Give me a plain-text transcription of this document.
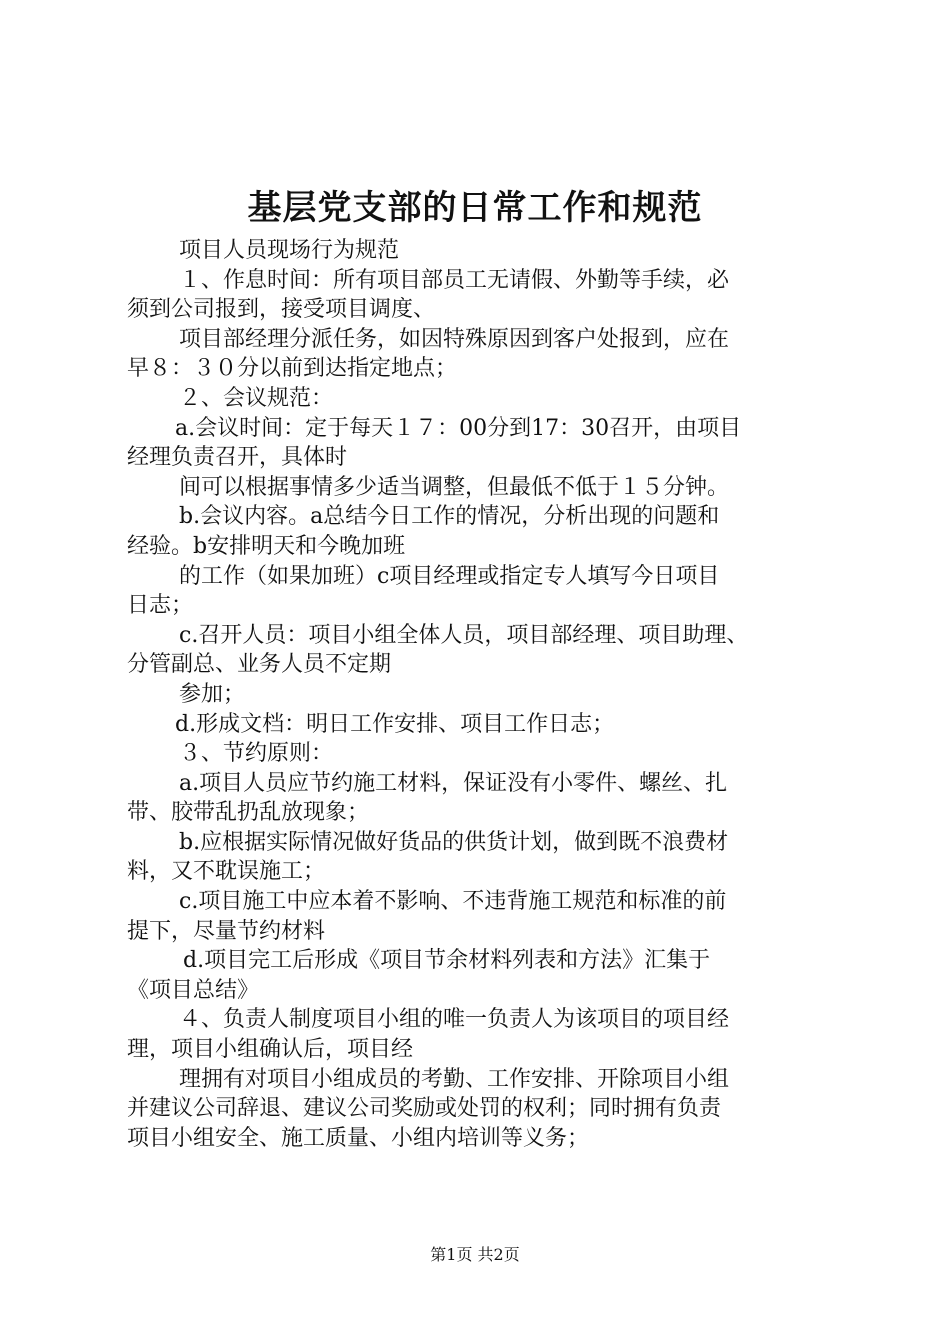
基层党支部的日常工作和规范
项目人员现场行为规范
１、作息时间：所有项目部员工无请假、外勤等手续，必
须到公司报到，接受项目调度、
项目部经理分派任务，如因特殊原因到客户处报到，应在
早８：３０分以前到达指定地点；
２、会议规范：
a.会议时间：定于每天１７：00分到17：30召开，由项目
经理负责召开，具体时
间可以根据事情多少适当调整，但最低不低于１５分钟。
b.会议内容。a总结今日工作的情况，分析出现的问题和
经验。b安排明天和今晚加班
的工作（如果加班）c项目经理或指定专人填写今日项目
日志；
c.召开人员：项目小组全体人员，项目部经理、项目助理、
分管副总、业务人员不定期
参加；
d.形成文档：明日工作安排、项目工作日志；
３、节约原则：
a.项目人员应节约施工材料，保证没有小零件、螺丝、扎
带、胶带乱扔乱放现象；
b.应根据实际情况做好货品的供货计划，做到既不浪费材
料，又不耽误施工；
c.项目施工中应本着不影响、不违背施工规范和标准的前
提下，尽量节约材料
d.项目完工后形成《项目节余材料列表和方法》汇集于
《项目总结》
４、负责人制度项目小组的唯一负责人为该项目的项目经
理，项目小组确认后，项目经
理拥有对项目小组成员的考勤、工作安排、开除项目小组
并建议公司辞退、建议公司奖励或处罚的权利；同时拥有负责
项目小组安全、施工质量、小组内培训等义务；
第1页 共2页
